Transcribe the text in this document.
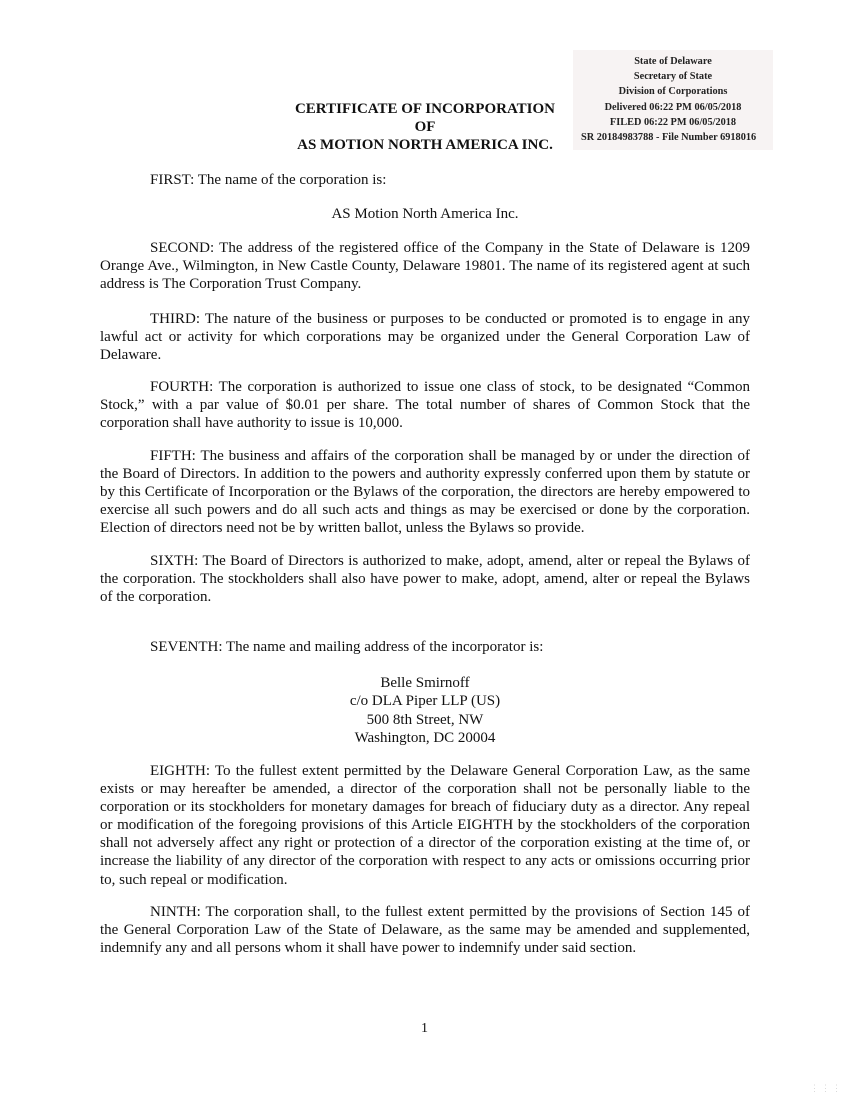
State of Delaware
Secretary of State
Division of Corporations
Delivered 06:22 PM 06/05/2018
FILED 06:22 PM 06/05/2018
SR 20184983788 - File Number 6918016
CERTIFICATE OF INCORPORATION
OF
AS MOTION NORTH AMERICA INC.
FIRST: The name of the corporation is:
AS Motion North America Inc.
SECOND: The address of the registered office of the Company in the State of Delaware is 1209 Orange Ave., Wilmington, in New Castle County, Delaware 19801. The name of its registered agent at such address is The Corporation Trust Company.
THIRD: The nature of the business or purposes to be conducted or promoted is to engage in any lawful act or activity for which corporations may be organized under the General Corporation Law of Delaware.
FOURTH: The corporation is authorized to issue one class of stock, to be designated “Common Stock,” with a par value of $0.01 per share. The total number of shares of Common Stock that the corporation shall have authority to issue is 10,000.
FIFTH: The business and affairs of the corporation shall be managed by or under the direction of the Board of Directors. In addition to the powers and authority expressly conferred upon them by statute or by this Certificate of Incorporation or the Bylaws of the corporation, the directors are hereby empowered to exercise all such powers and do all such acts and things as may be exercised or done by the corporation. Election of directors need not be by written ballot, unless the Bylaws so provide.
SIXTH: The Board of Directors is authorized to make, adopt, amend, alter or repeal the Bylaws of the corporation. The stockholders shall also have power to make, adopt, amend, alter or repeal the Bylaws of the corporation.
SEVENTH: The name and mailing address of the incorporator is:
Belle Smirnoff
c/o DLA Piper LLP (US)
500 8th Street, NW
Washington, DC 20004
EIGHTH: To the fullest extent permitted by the Delaware General Corporation Law, as the same exists or may hereafter be amended, a director of the corporation shall not be personally liable to the corporation or its stockholders for monetary damages for breach of fiduciary duty as a director. Any repeal or modification of the foregoing provisions of this Article EIGHTH by the stockholders of the corporation shall not adversely affect any right or protection of a director of the corporation existing at the time of, or increase the liability of any director of the corporation with respect to any acts or omissions occurring prior to, such repeal or modification.
NINTH: The corporation shall, to the fullest extent permitted by the provisions of Section 145 of the General Corporation Law of the State of Delaware, as the same may be amended and supplemented, indemnify any and all persons whom it shall have power to indemnify under said section.
1
⋮⋮⋮
